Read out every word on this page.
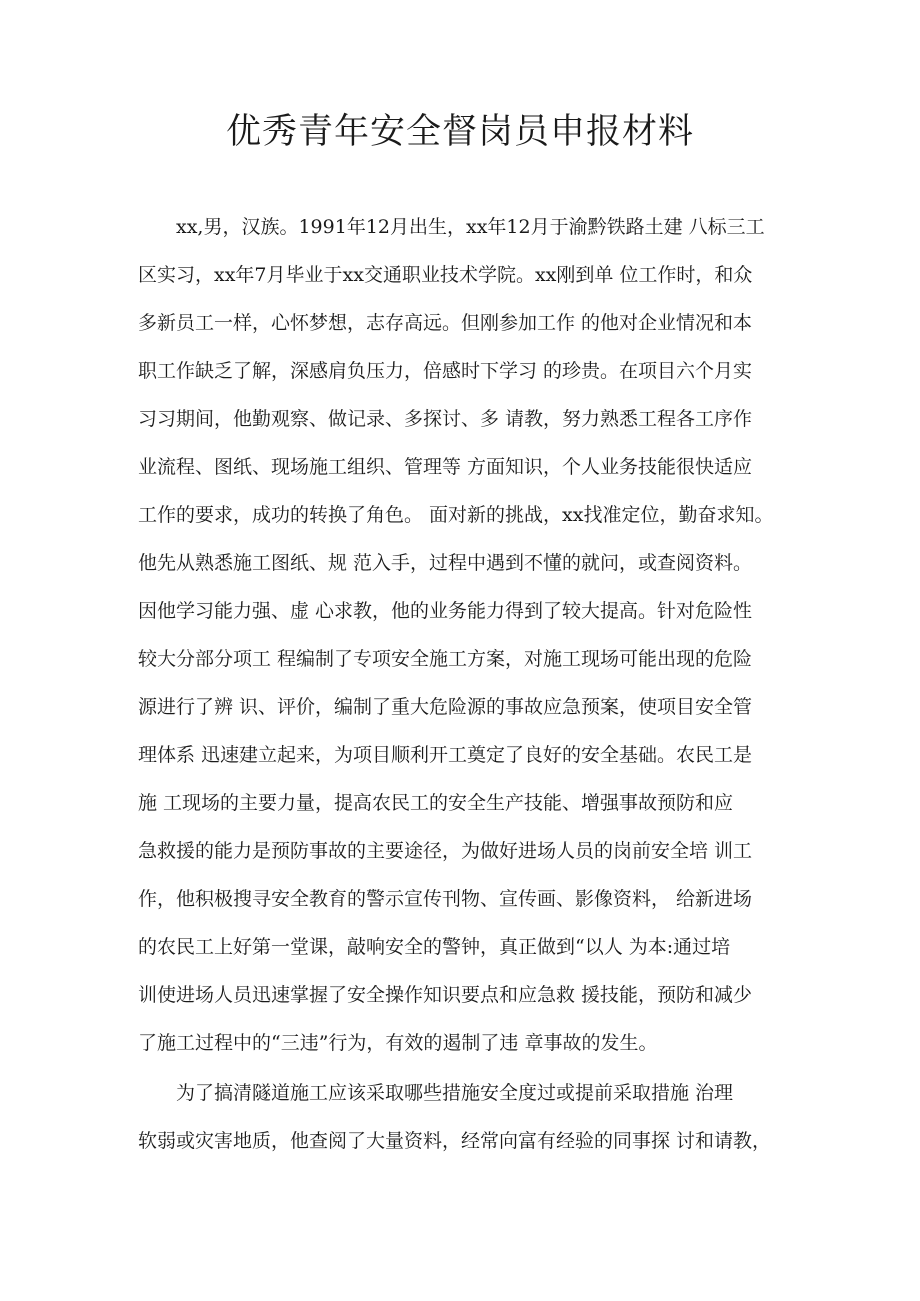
优秀青年安全督岗员申报材料

　　xx,男，汉族。1991年12月出生，xx年12月于渝黔铁路土建 八标三工

区实习，xx年7月毕业于xx交通职业技术学院。xx刚到单 位工作时，和众

多新员工一样，心怀梦想，志存高远。但刚参加工作 的他对企业情况和本

职工作缺乏了解，深感肩负压力，倍感时下学习 的珍贵。在项目六个月实

习习期间，他勤观察、做记录、多探讨、多 请教，努力熟悉工程各工序作

业流程、图纸、现场施工组织、管理等 方面知识，个人业务技能很快适应

工作的要求，成功的转换了角色。 面对新的挑战，xx找准定位，勤奋求知。

他先从熟悉施工图纸、规 范入手，过程中遇到不懂的就问，或查阅资料。

因他学习能力强、虚 心求教，他的业务能力得到了较大提高。针对危险性

较大分部分项工 程编制了专项安全施工方案，对施工现场可能出现的危险

源进行了辨 识、评价，编制了重大危险源的事故应急预案，使项目安全管

理体系 迅速建立起来，为项目顺利开工奠定了良好的安全基础。农民工是

施 工现场的主要力量，提高农民工的安全生产技能、增强事故预防和应

急救援的能力是预防事故的主要途径，为做好进场人员的岗前安全培 训工

作，他积极搜寻安全教育的警示宣传刊物、宣传画、影像资料， 给新进场

的农民工上好第一堂课，敲响安全的警钟，真正做到“以人 为本:通过培

训使进场人员迅速掌握了安全操作知识要点和应急救 援技能，预防和减少

了施工过程中的“三违”行为，有效的遏制了违 章事故的发生。

　　为了搞清隧道施工应该采取哪些措施安全度过或提前采取措施 治理

软弱或灾害地质，他查阅了大量资料，经常向富有经验的同事探 讨和请教，
